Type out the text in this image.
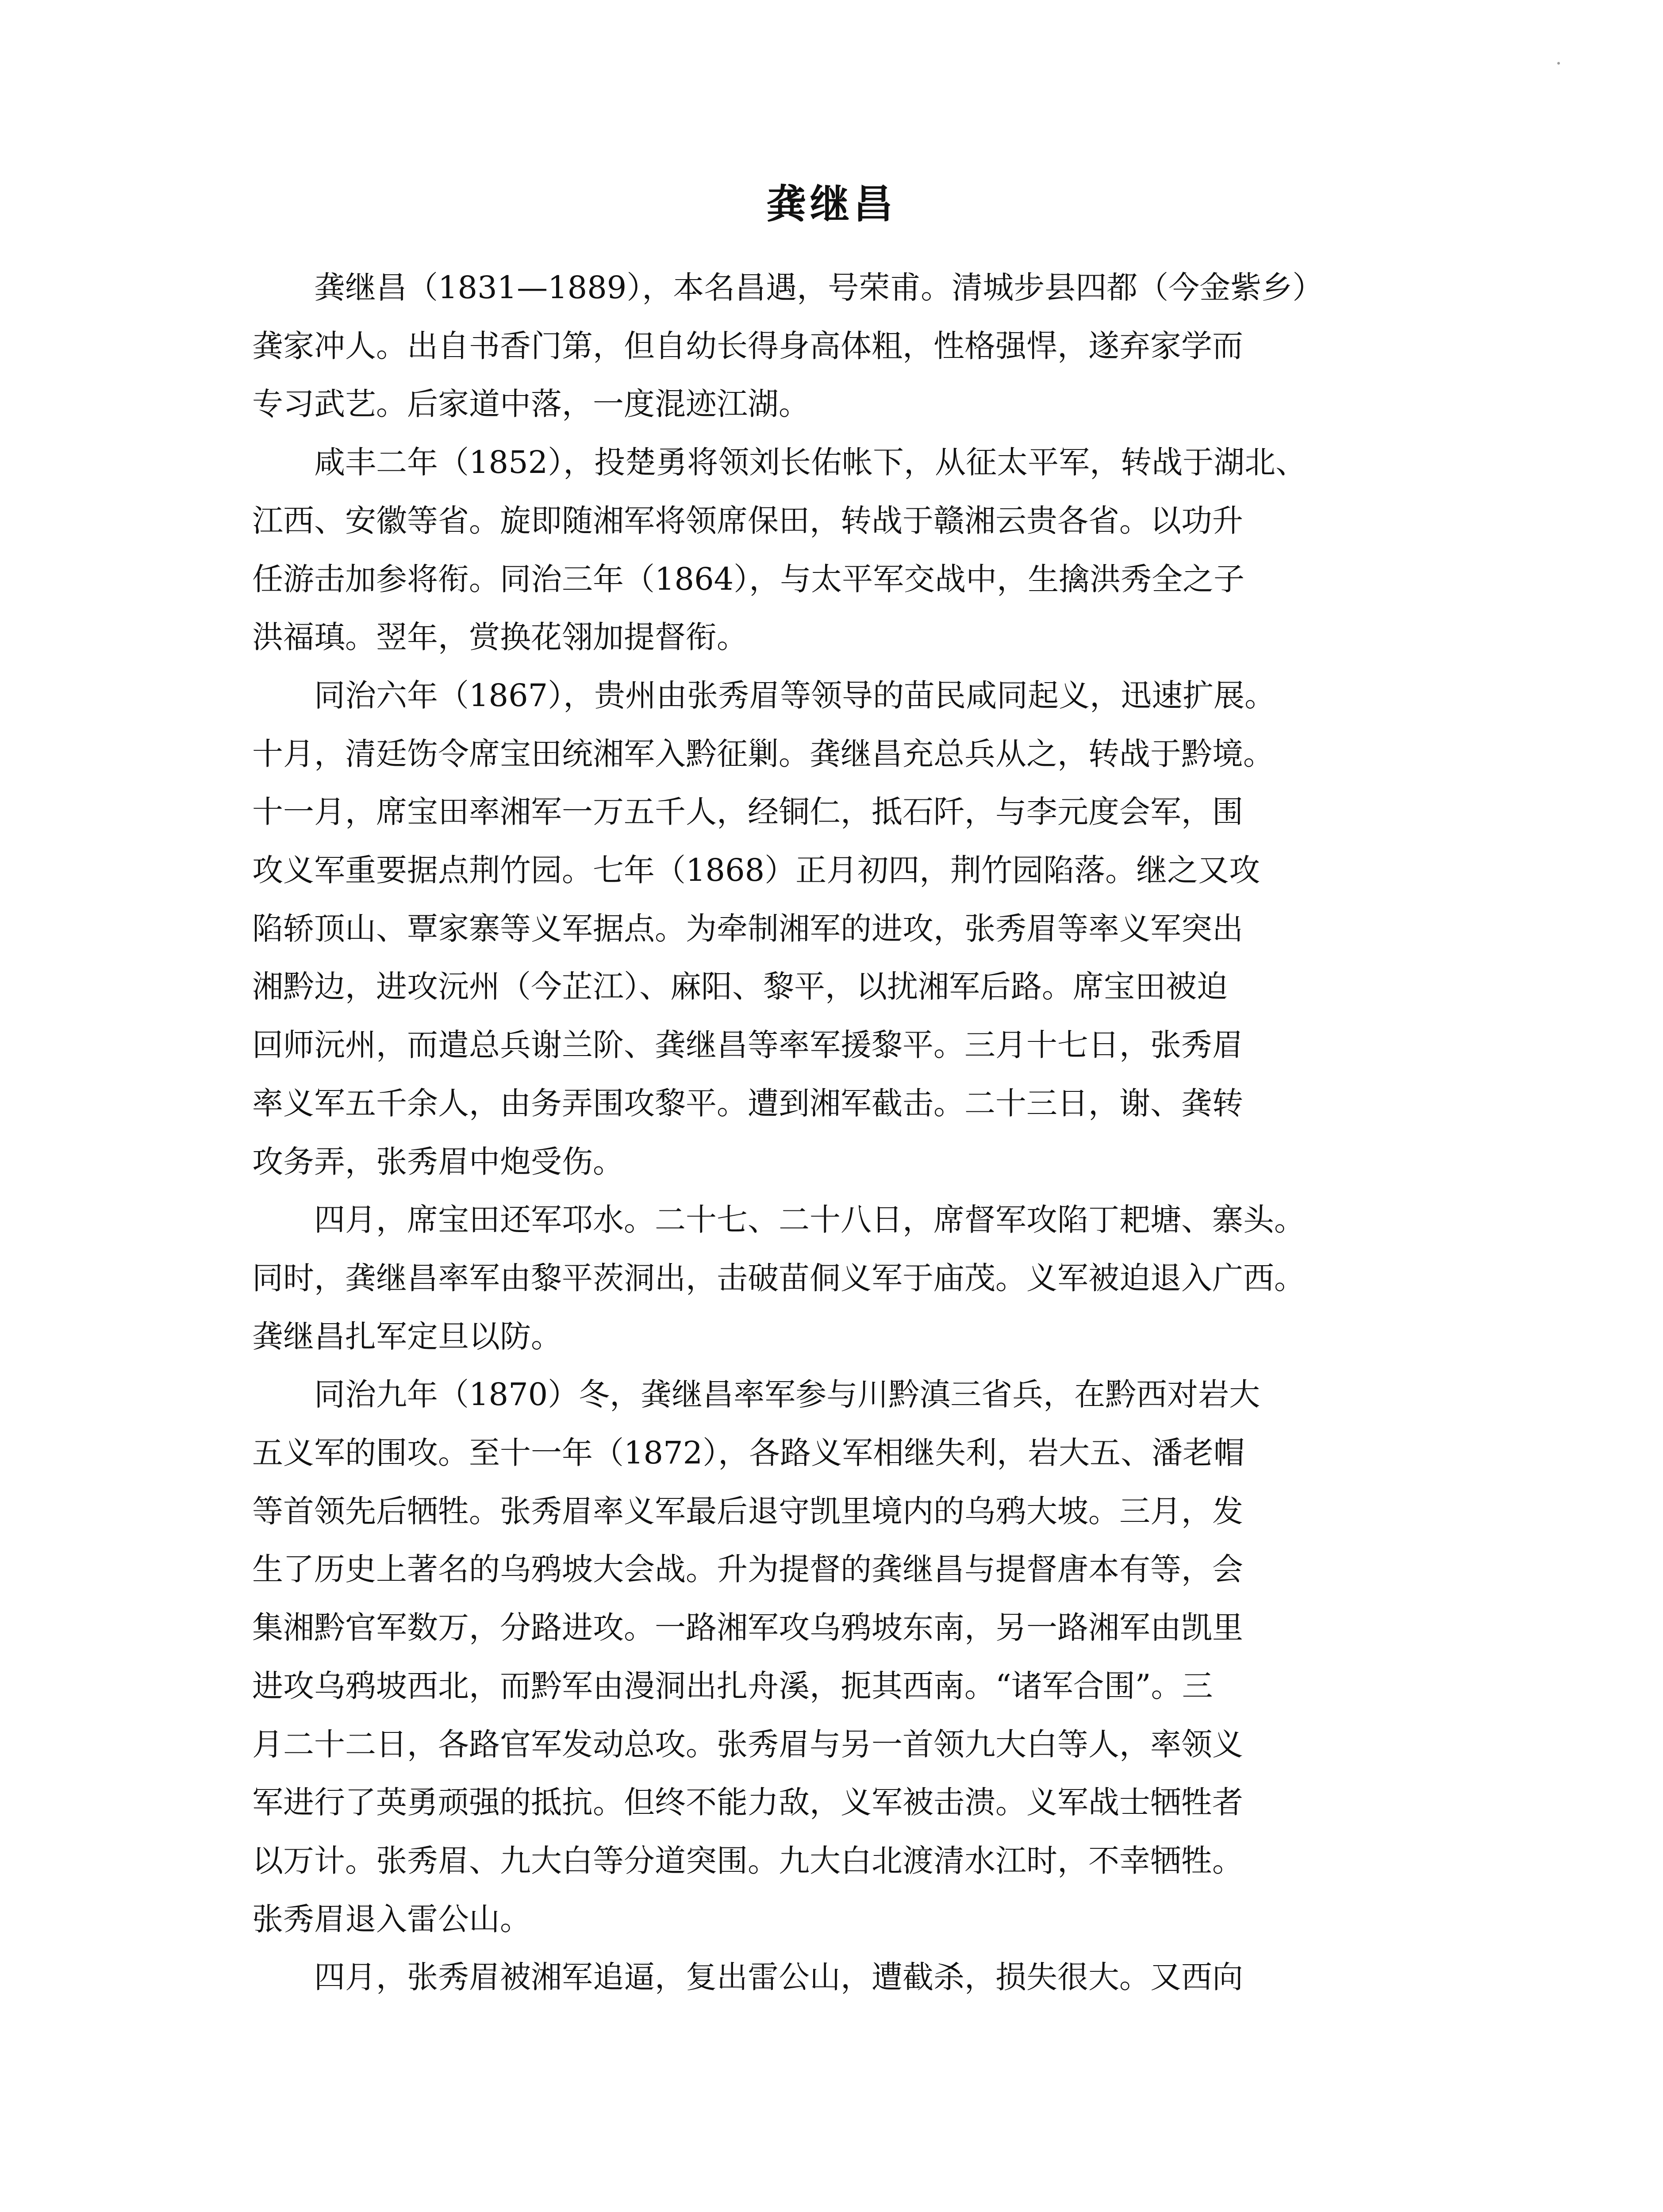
龚继昌

龚继昌（1831—1889），本名昌遇，号荣甫。清城步县四都（今金紫乡）
龚家冲人。出自书香门第，但自幼长得身高体粗，性格强悍，遂弃家学而
专习武艺。后家道中落，一度混迹江湖。

咸丰二年（1852），投楚勇将领刘长佑帐下，从征太平军，转战于湖北、
江西、安徽等省。旋即随湘军将领席保田，转战于赣湘云贵各省。以功升
任游击加参将衔。同治三年（1864），与太平军交战中，生擒洪秀全之子
洪福瑱。翌年，赏换花翎加提督衔。

同治六年（1867），贵州由张秀眉等领导的苗民咸同起义，迅速扩展。
十月，清廷饬令席宝田统湘军入黔征剿。龚继昌充总兵从之，转战于黔境。
十一月，席宝田率湘军一万五千人，经铜仁，抵石阡，与李元度会军，围
攻义军重要据点荆竹园。七年（1868）正月初四，荆竹园陷落。继之又攻
陷轿顶山、覃家寨等义军据点。为牵制湘军的进攻，张秀眉等率义军突出
湘黔边，进攻沅州（今芷江）、麻阳、黎平，以扰湘军后路。席宝田被迫
回师沅州，而遣总兵谢兰阶、龚继昌等率军援黎平。三月十七日，张秀眉
率义军五千余人，由务弄围攻黎平。遭到湘军截击。二十三日，谢、龚转
攻务弄，张秀眉中炮受伤。

四月，席宝田还军邛水。二十七、二十八日，席督军攻陷丁耙塘、寨头。
同时，龚继昌率军由黎平茨洞出，击破苗侗义军于庙茂。义军被迫退入广西。
龚继昌扎军定旦以防。

同治九年（1870）冬，龚继昌率军参与川黔滇三省兵，在黔西对岩大
五义军的围攻。至十一年（1872），各路义军相继失利，岩大五、潘老帽
等首领先后牺牲。张秀眉率义军最后退守凯里境内的乌鸦大坡。三月，发
生了历史上著名的乌鸦坡大会战。升为提督的龚继昌与提督唐本有等，会
集湘黔官军数万，分路进攻。一路湘军攻乌鸦坡东南，另一路湘军由凯里
进攻乌鸦坡西北，而黔军由漫洞出扎舟溪，扼其西南。“诸军合围”。三
月二十二日，各路官军发动总攻。张秀眉与另一首领九大白等人，率领义
军进行了英勇顽强的抵抗。但终不能力敌，义军被击溃。义军战士牺牲者
以万计。张秀眉、九大白等分道突围。九大白北渡清水江时，不幸牺牲。
张秀眉退入雷公山。

四月，张秀眉被湘军追逼，复出雷公山，遭截杀，损失很大。又西向
